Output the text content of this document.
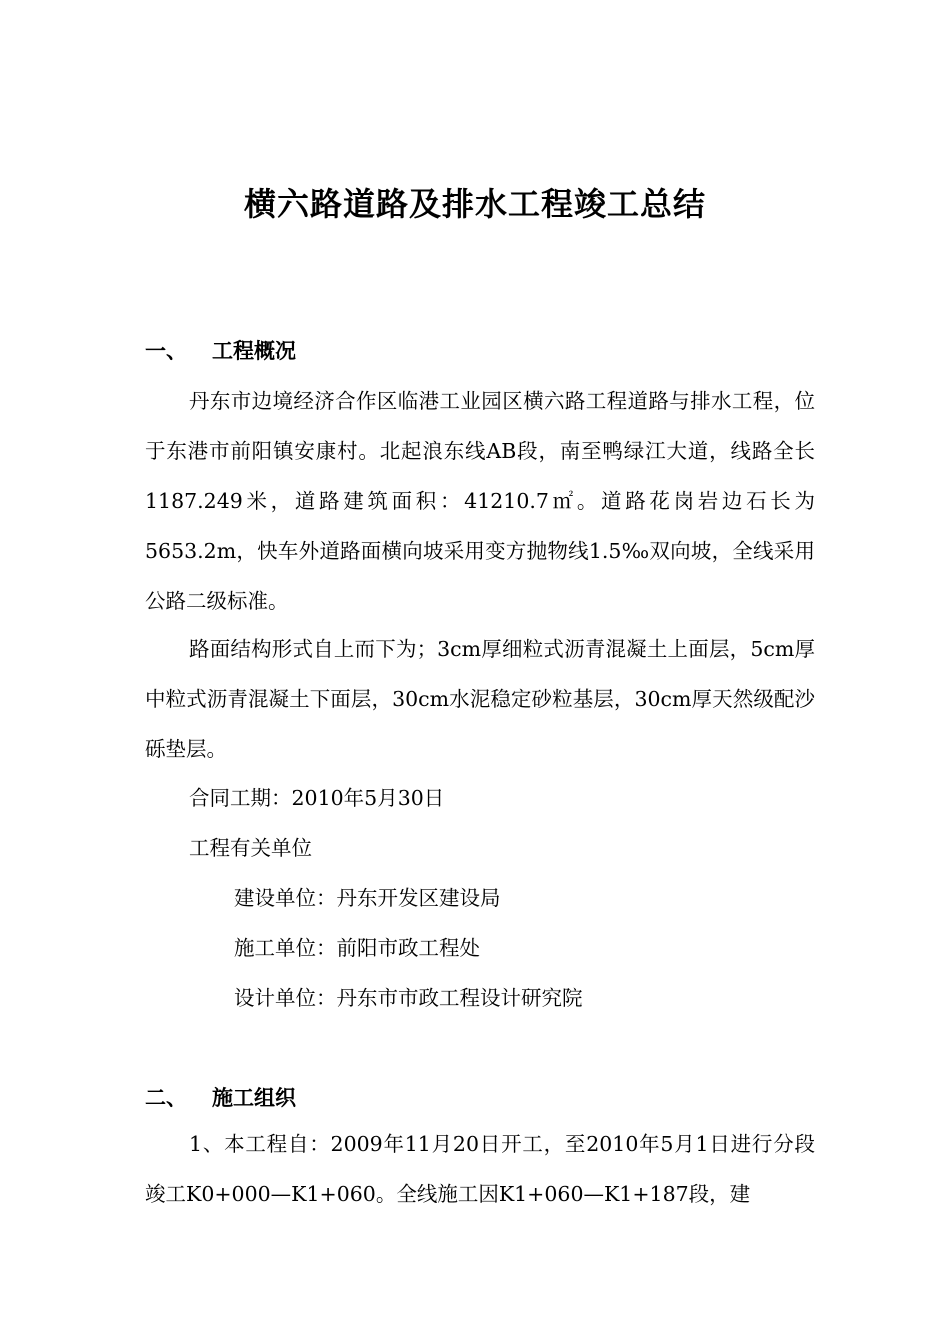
横六路道路及排水工程竣工总结
一、 工程概况
丹东市边境经济合作区临港工业园区横六路工程道路与排水工程，位于东港市前阳镇安康村。北起浪东线AB段，南至鸭绿江大道，线路全长1187.249米，道路建筑面积：41210.7㎡。道路花岗岩边石长为5653.2m，快车外道路面横向坡采用变方抛物线1.5‰双向坡，全线采用公路二级标准。
路面结构形式自上而下为；3cm厚细粒式沥青混凝土上面层，5cm厚中粒式沥青混凝土下面层，30cm水泥稳定砂粒基层，30cm厚天然级配沙砾垫层。
合同工期：2010年5月30日
工程有关单位
建设单位：丹东开发区建设局
施工单位：前阳市政工程处
设计单位：丹东市市政工程设计研究院
二、 施工组织
1、本工程自：2009年11月20日开工，至2010年5月1日进行分段竣工K0+000—K1+060。全线施工因K1+060—K1+187段，建
